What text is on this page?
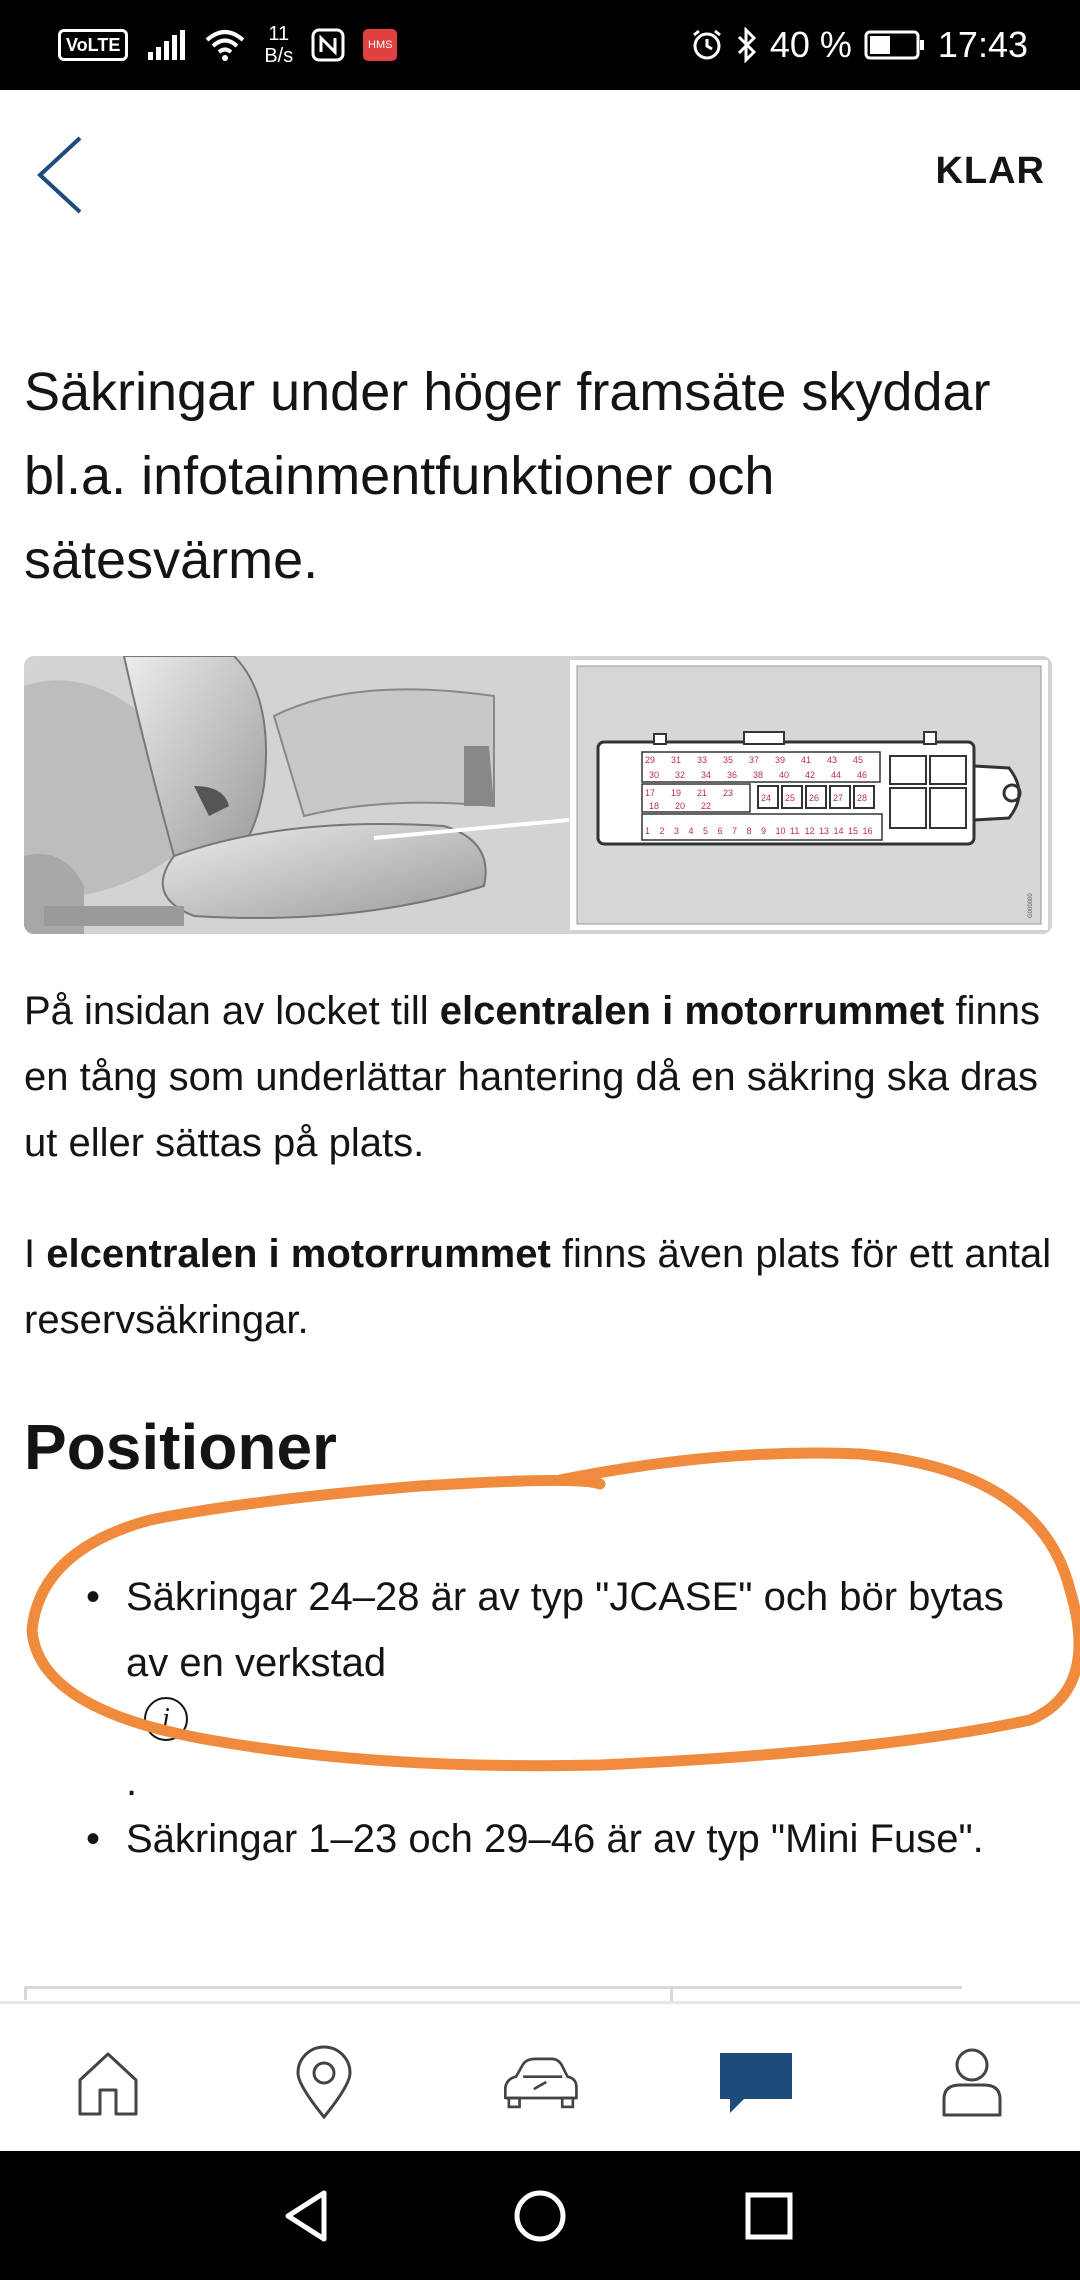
VoLTE	11
B/s	HMS	40 % 17:43
KLAR
Säkringar under höger framsäte skyddar bl.a. infotainmentfunktioner och sätesvärme.
29 31 33 35 37 39 41 43 45
30 32 34 36 38 40 42 44 46
17 19 21 23
18 20 22
24 25 26 27 28
1 2 3 4 5 6 7 8 9 10 11 12 13 14 15 16
G000000

På insidan av locket till elcentralen i motorrummet finns en tång som underlättar hantering då en säkring ska dras ut eller sättas på plats.

I elcentralen i motorrummet finns även plats för ett antal reservsäkringar.

Positioner
• Säkringar 24–28 är av typ "JCASE" och bör bytas av en verkstad
i
.
• Säkringar 1–23 och 29–46 är av typ "Mini Fuse".
